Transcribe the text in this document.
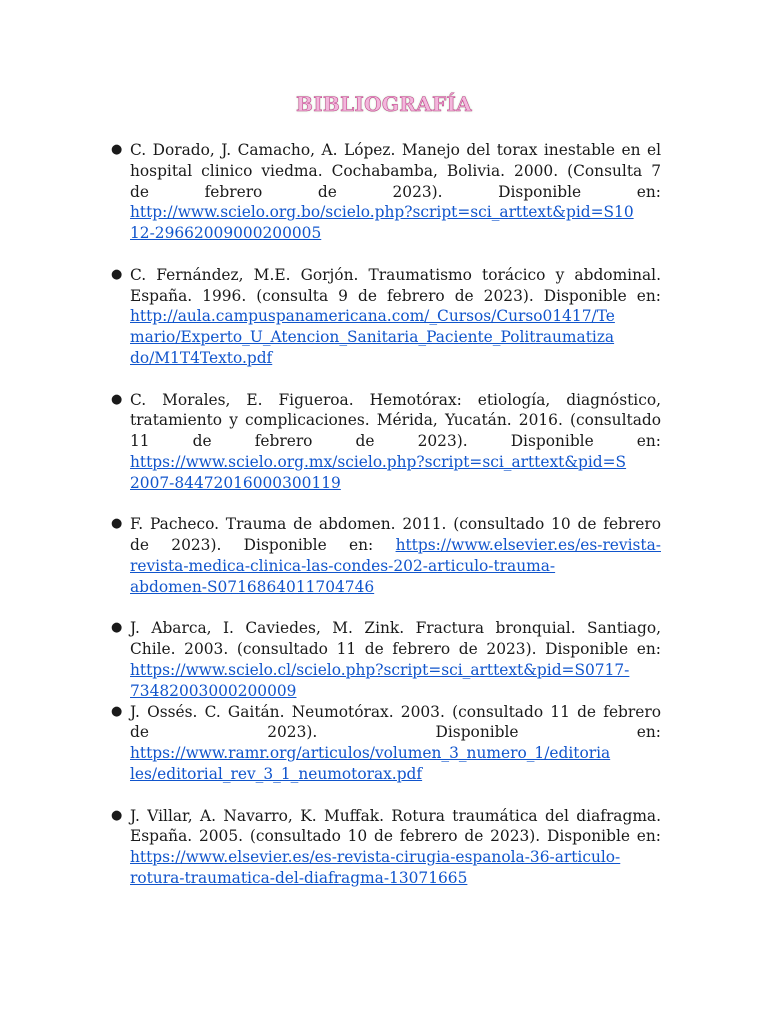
BIBLIOGRAFÍA
● C. Dorado, J. Camacho, A. López. Manejo del torax inestable en el
hospital clinico viedma. Cochabamba, Bolivia. 2000. (Consulta 7
de febrero de 2023). Disponible en:
http://www.scielo.org.bo/scielo.php?script=sci_arttext&pid=S10
12-29662009000200005
● C. Fernández, M.E. Gorjón. Traumatismo torácico y abdominal.
España. 1996. (consulta 9 de febrero de 2023). Disponible en:
http://aula.campuspanamericana.com/_Cursos/Curso01417/Te
mario/Experto_U_Atencion_Sanitaria_Paciente_Politraumatiza
do/M1T4Texto.pdf
● C. Morales, E. Figueroa. Hemotórax: etiología, diagnóstico,
tratamiento y complicaciones. Mérida, Yucatán. 2016. (consultado
11 de febrero de 2023). Disponible en:
https://www.scielo.org.mx/scielo.php?script=sci_arttext&pid=S
2007-84472016000300119
● F. Pacheco. Trauma de abdomen. 2011. (consultado 10 de febrero
de 2023). Disponible en: https://www.elsevier.es/es-revista-
revista-medica-clinica-las-condes-202-articulo-trauma-
abdomen-S0716864011704746
● J. Abarca, I. Caviedes, M. Zink. Fractura bronquial. Santiago,
Chile. 2003. (consultado 11 de febrero de 2023). Disponible en:
https://www.scielo.cl/scielo.php?script=sci_arttext&pid=S0717-
73482003000200009
● J. Ossés. C. Gaitán. Neumotórax. 2003. (consultado 11 de febrero
de 2023). Disponible en:
https://www.ramr.org/articulos/volumen_3_numero_1/editoria
les/editorial_rev_3_1_neumotorax.pdf
● J. Villar, A. Navarro, K. Muffak. Rotura traumática del diafragma.
España. 2005. (consultado 10 de febrero de 2023). Disponible en:
https://www.elsevier.es/es-revista-cirugia-espanola-36-articulo-
rotura-traumatica-del-diafragma-13071665
